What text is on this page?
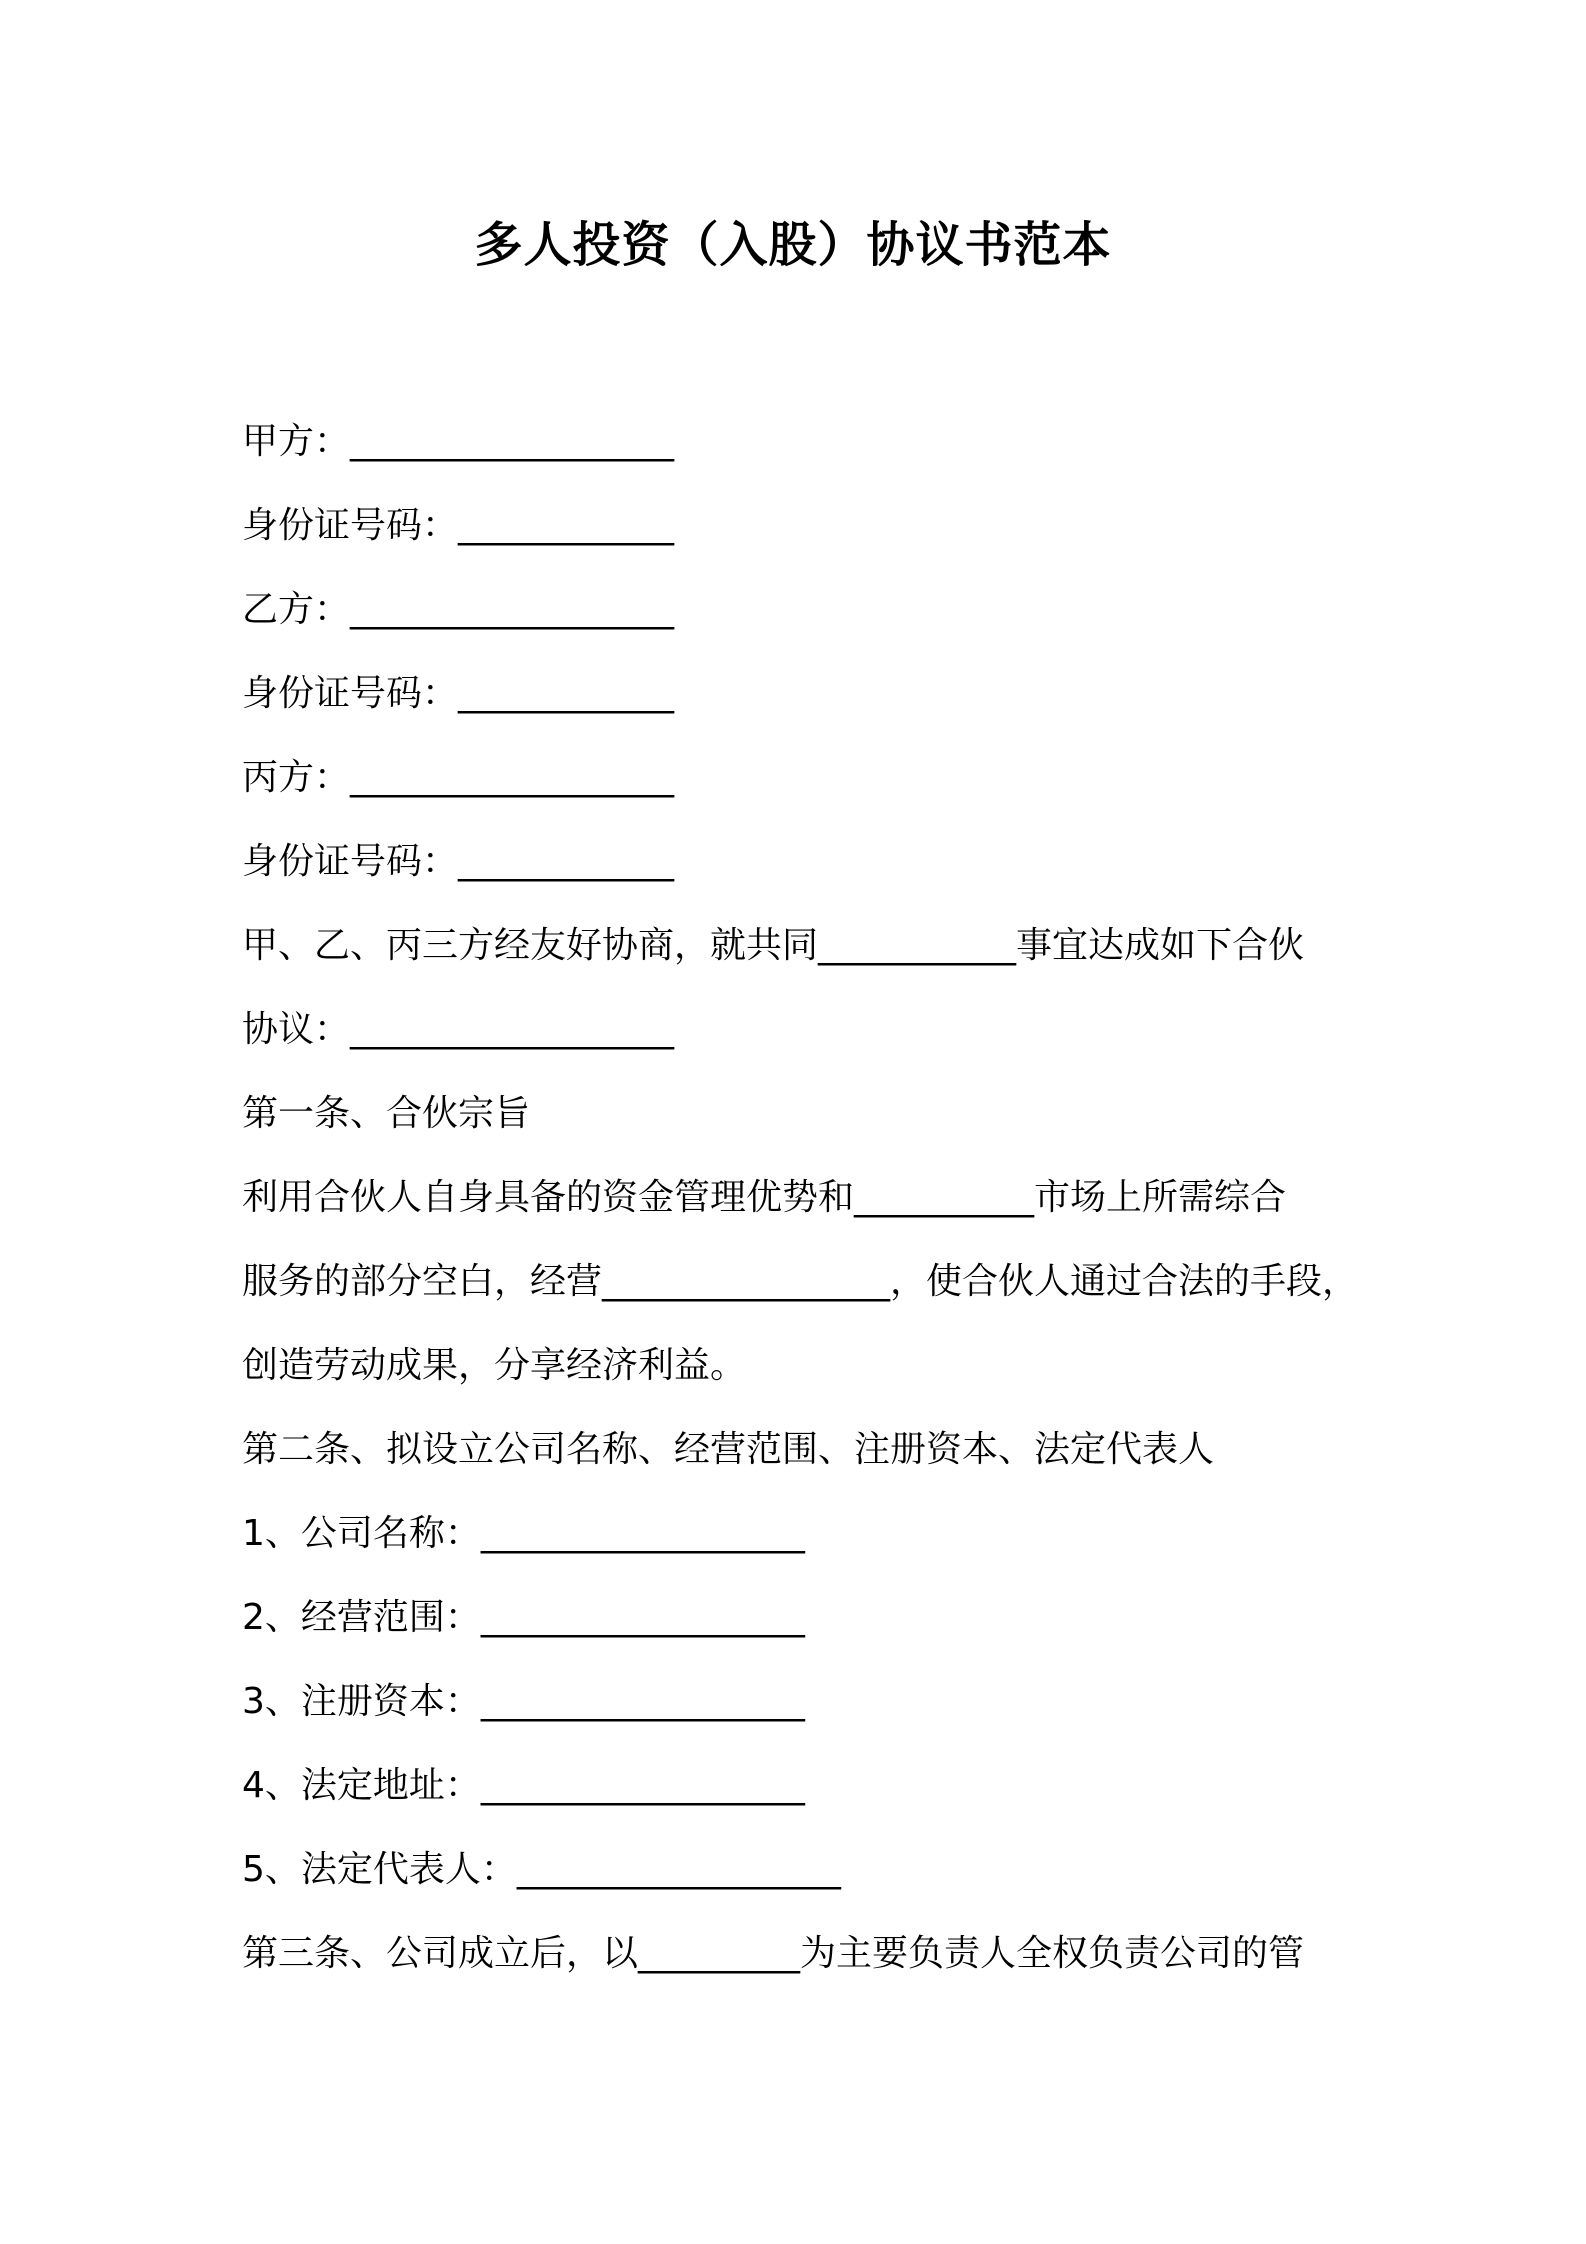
多人投资（入股）协议书范本

甲方：__________________

身份证号码：____________

乙方：__________________

身份证号码：____________

丙方：__________________

身份证号码：____________

甲、乙、丙三方经友好协商，就共同___________事宜达成如下合伙

协议：__________________

第一条、合伙宗旨

利用合伙人自身具备的资金管理优势和__________市场上所需综合

服务的部分空白，经营________________，使合伙人通过合法的手段，

创造劳动成果，分享经济利益。

第二条、拟设立公司名称、经营范围、注册资本、法定代表人

1、公司名称：__________________

2、经营范围：__________________

3、注册资本：__________________

4、法定地址：__________________

5、法定代表人：__________________

第三条、公司成立后，以_________为主要负责人全权负责公司的管
